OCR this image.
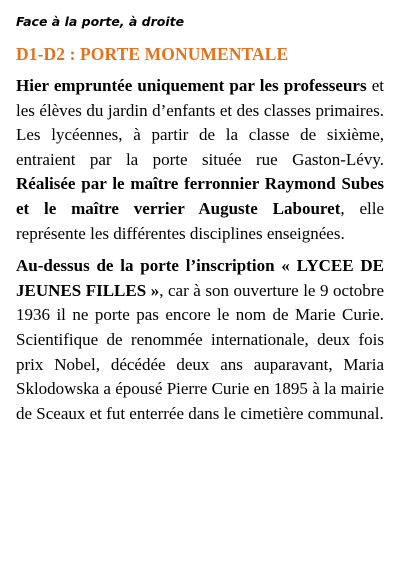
Face à la porte, à droite
D1-D2 : PORTE MONUMENTALE

Hier empruntée uniquement par les professeurs et les élèves du jardin d’enfants et des classes primaires. Les lycéennes, à partir de la classe de sixième, entraient par la porte située rue Gaston-Lévy. Réalisée par le maître ferronnier Raymond Subes et le maître verrier Auguste Labouret, elle représente les différentes disciplines enseignées.

Au-dessus de la porte l’inscription « LYCEE DE JEUNES FILLES », car à son ouverture le 9 octobre 1936 il ne porte pas encore le nom de Marie Curie. Scientifique de renommée internationale, deux fois prix Nobel, décédée deux ans auparavant, Maria Sklodowska a épousé Pierre Curie en 1895 à la mairie de Sceaux et fut enterrée dans le cimetière communal.
